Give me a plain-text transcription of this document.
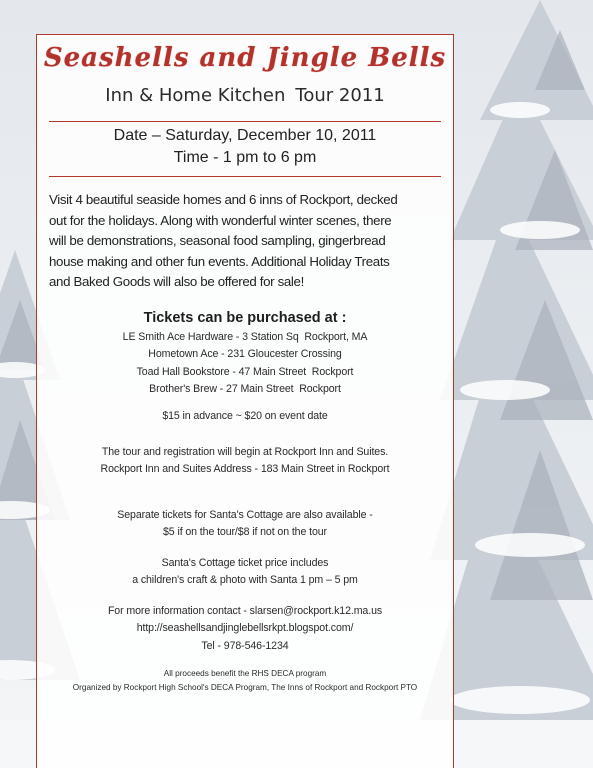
Seashells and Jingle Bells
Inn & Home Kitchen Tour 2011
Date – Saturday, December 10, 2011
Time - 1 pm to 6 pm
Visit 4 beautiful seaside homes and 6 inns of Rockport, decked
out for the holidays. Along with wonderful winter scenes, there
will be demonstrations, seasonal food sampling, gingerbread
house making and other fun events. Additional Holiday Treats
and Baked Goods will also be offered for sale!
Tickets can be purchased at :
LE Smith Ace Hardware - 3 Station Sq  Rockport, MA
Hometown Ace - 231 Gloucester Crossing
Toad Hall Bookstore - 47 Main Street  Rockport
Brother's Brew - 27 Main Street  Rockport
$15 in advance ~ $20 on event date
The tour and registration will begin at Rockport Inn and Suites.
Rockport Inn and Suites Address - 183 Main Street in Rockport
Separate tickets for Santa's Cottage are also available -
$5 if on the tour/$8 if not on the tour
Santa's Cottage ticket price includes
a children's craft & photo with Santa 1 pm – 5 pm
For more information contact - slarsen@rockport.k12.ma.us
http://seashellsandjinglebellsrkpt.blogspot.com/
Tel - 978-546-1234
All proceeds benefit the RHS DECA program
Organized by Rockport High School's DECA Program, The Inns of Rockport and Rockport PTO
